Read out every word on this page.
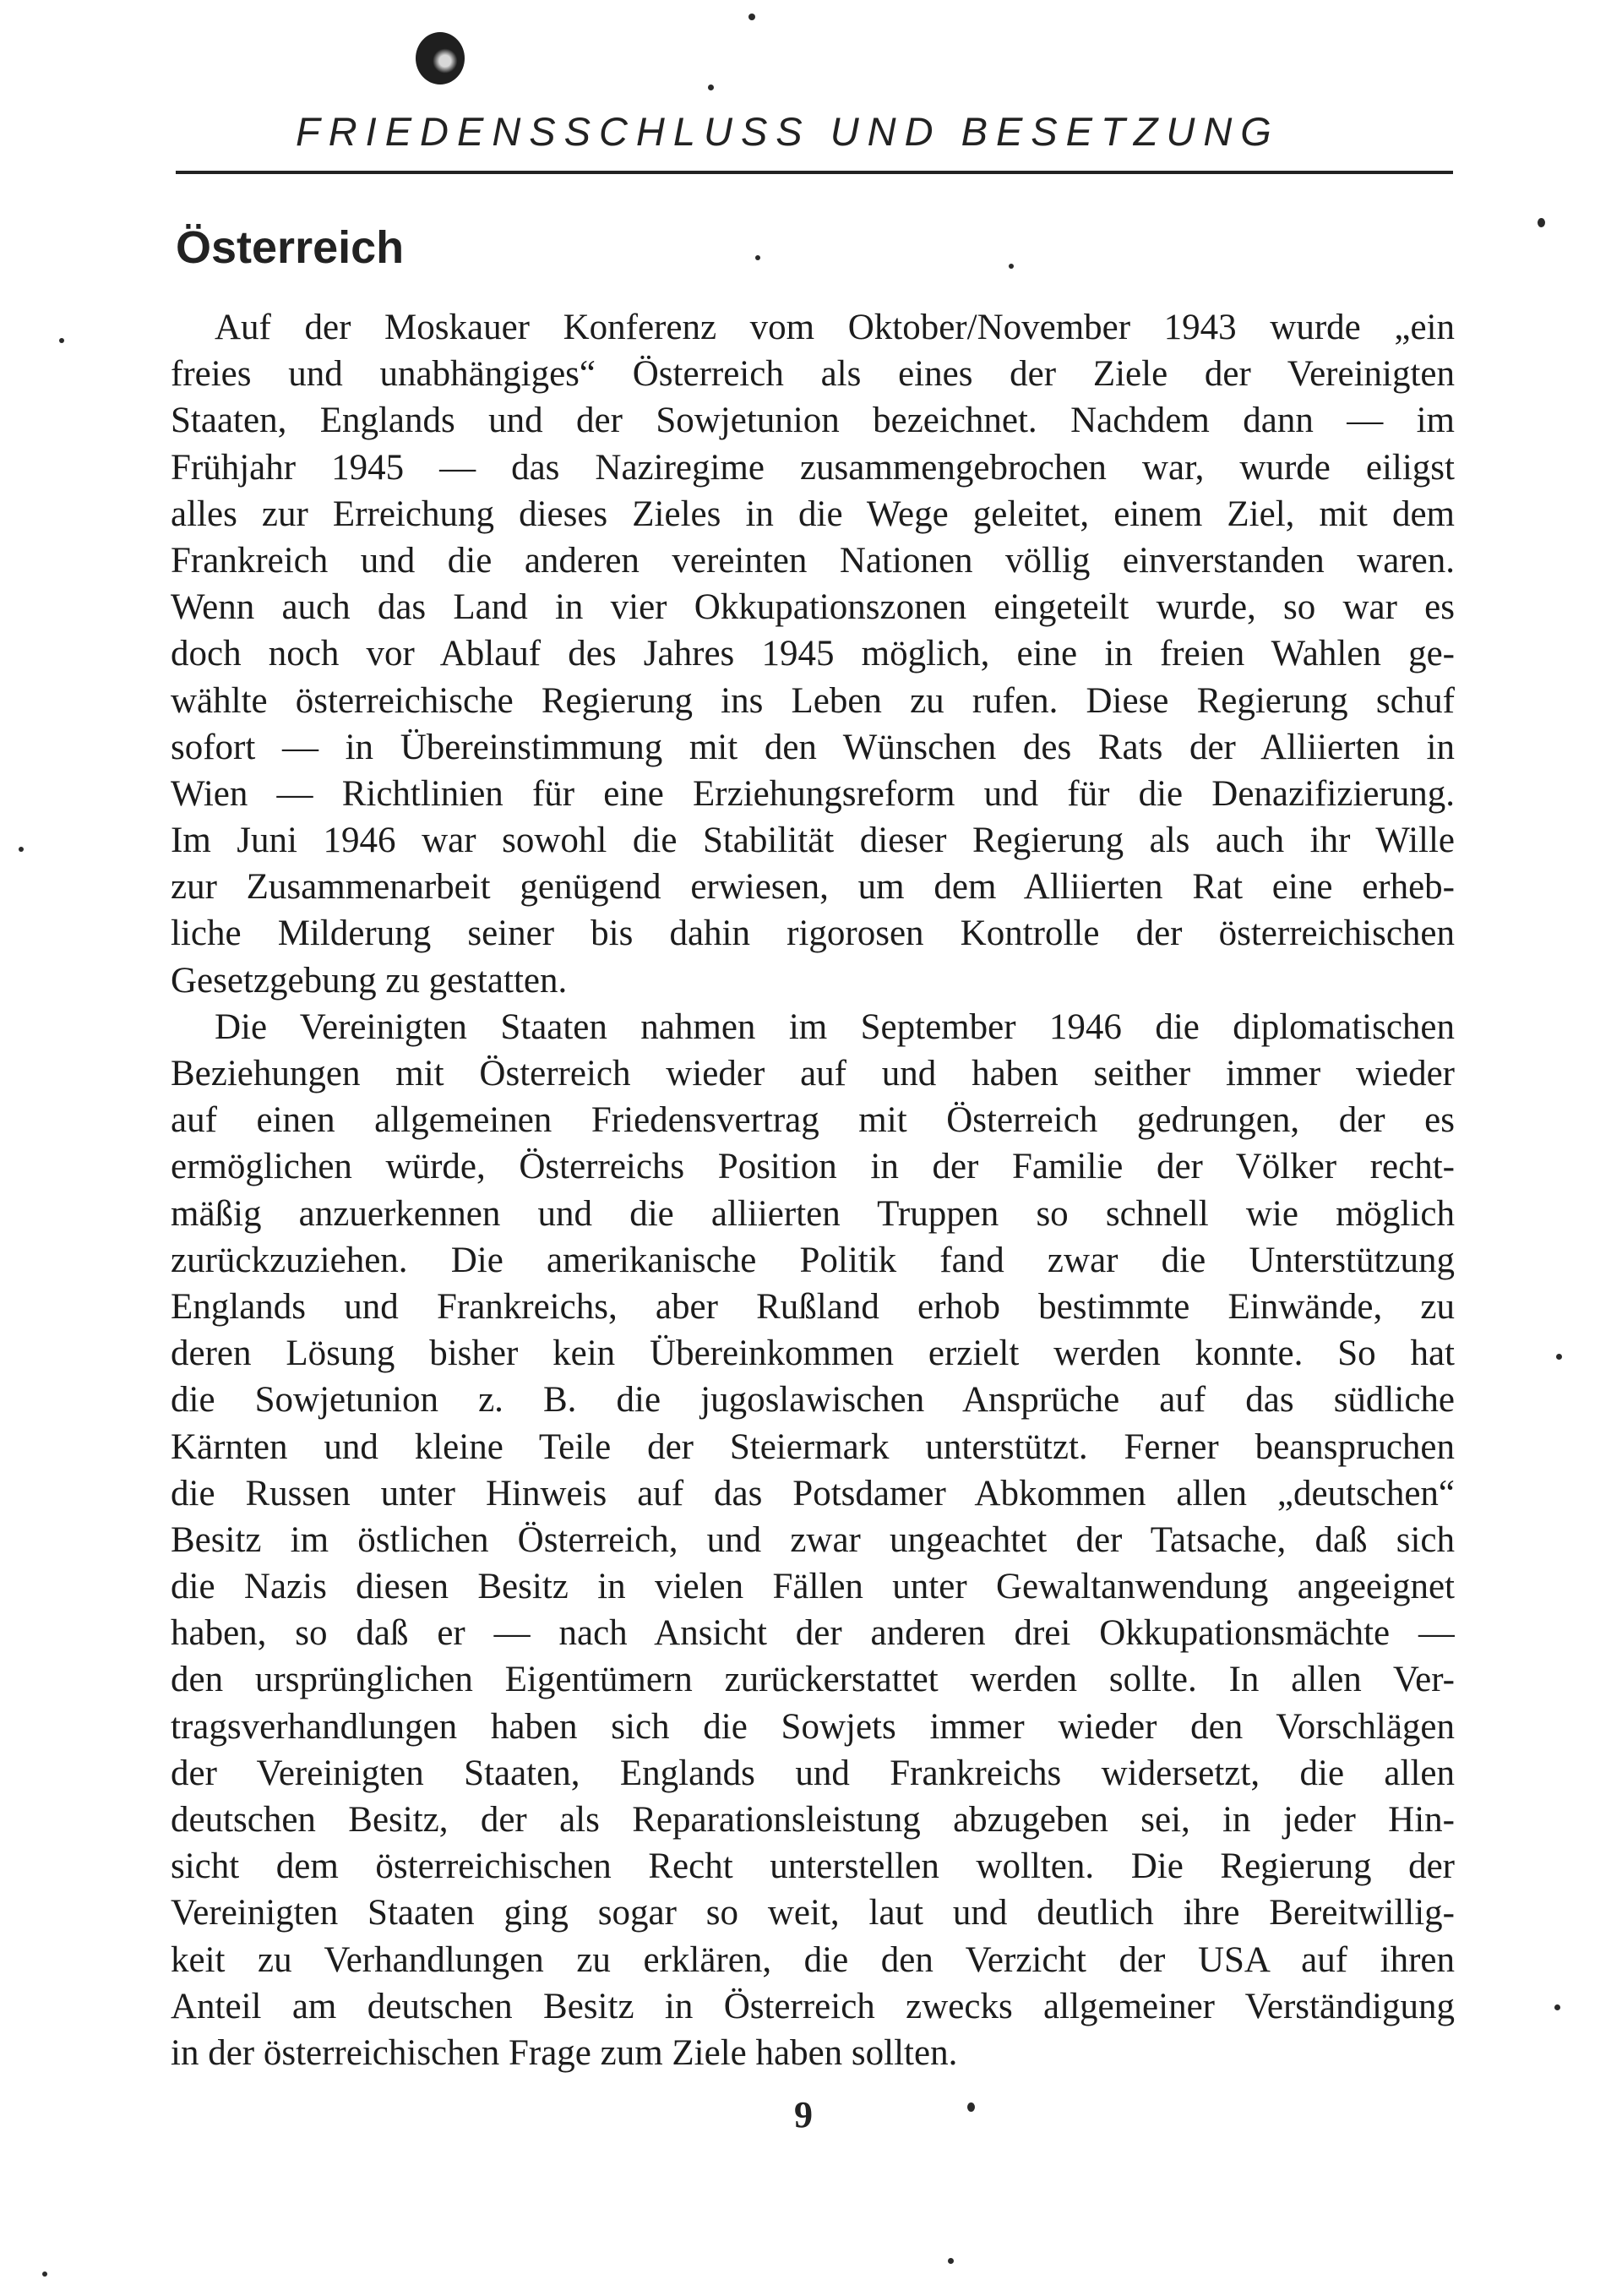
FRIEDENSSCHLUSS UND BESETZUNG
Österreich
Auf der Moskauer Konferenz vom Oktober/November 1943 wurde „ein
freies und unabhängiges“ Österreich als eines der Ziele der Vereinigten
Staaten, Englands und der Sowjetunion bezeichnet. Nachdem dann — im
Frühjahr 1945 — das Naziregime zusammengebrochen war, wurde eiligst
alles zur Erreichung dieses Zieles in die Wege geleitet, einem Ziel, mit dem
Frankreich und die anderen vereinten Nationen völlig einverstanden waren.
Wenn auch das Land in vier Okkupationszonen eingeteilt wurde, so war es
doch noch vor Ablauf des Jahres 1945 möglich, eine in freien Wahlen ge-
wählte österreichische Regierung ins Leben zu rufen. Diese Regierung schuf
sofort — in Übereinstimmung mit den Wünschen des Rats der Alliierten in
Wien — Richtlinien für eine Erziehungsreform und für die Denazifizierung.
Im Juni 1946 war sowohl die Stabilität dieser Regierung als auch ihr Wille
zur Zusammenarbeit genügend erwiesen, um dem Alliierten Rat eine erheb-
liche Milderung seiner bis dahin rigorosen Kontrolle der österreichischen
Gesetzgebung zu gestatten.
Die Vereinigten Staaten nahmen im September 1946 die diplomatischen
Beziehungen mit Österreich wieder auf und haben seither immer wieder
auf einen allgemeinen Friedensvertrag mit Österreich gedrungen, der es
ermöglichen würde, Österreichs Position in der Familie der Völker recht-
mäßig anzuerkennen und die alliierten Truppen so schnell wie möglich
zurückzuziehen. Die amerikanische Politik fand zwar die Unterstützung
Englands und Frankreichs, aber Rußland erhob bestimmte Einwände, zu
deren Lösung bisher kein Übereinkommen erzielt werden konnte. So hat
die Sowjetunion z. B. die jugoslawischen Ansprüche auf das südliche
Kärnten und kleine Teile der Steiermark unterstützt. Ferner beanspruchen
die Russen unter Hinweis auf das Potsdamer Abkommen allen „deutschen“
Besitz im östlichen Österreich, und zwar ungeachtet der Tatsache, daß sich
die Nazis diesen Besitz in vielen Fällen unter Gewaltanwendung angeeignet
haben, so daß er — nach Ansicht der anderen drei Okkupationsmächte —
den ursprünglichen Eigentümern zurückerstattet werden sollte. In allen Ver-
tragsverhandlungen haben sich die Sowjets immer wieder den Vorschlägen
der Vereinigten Staaten, Englands und Frankreichs widersetzt, die allen
deutschen Besitz, der als Reparationsleistung abzugeben sei, in jeder Hin-
sicht dem österreichischen Recht unterstellen wollten. Die Regierung der
Vereinigten Staaten ging sogar so weit, laut und deutlich ihre Bereitwillig-
keit zu Verhandlungen zu erklären, die den Verzicht der USA auf ihren
Anteil am deutschen Besitz in Österreich zwecks allgemeiner Verständigung
in der österreichischen Frage zum Ziele haben sollten.
9
